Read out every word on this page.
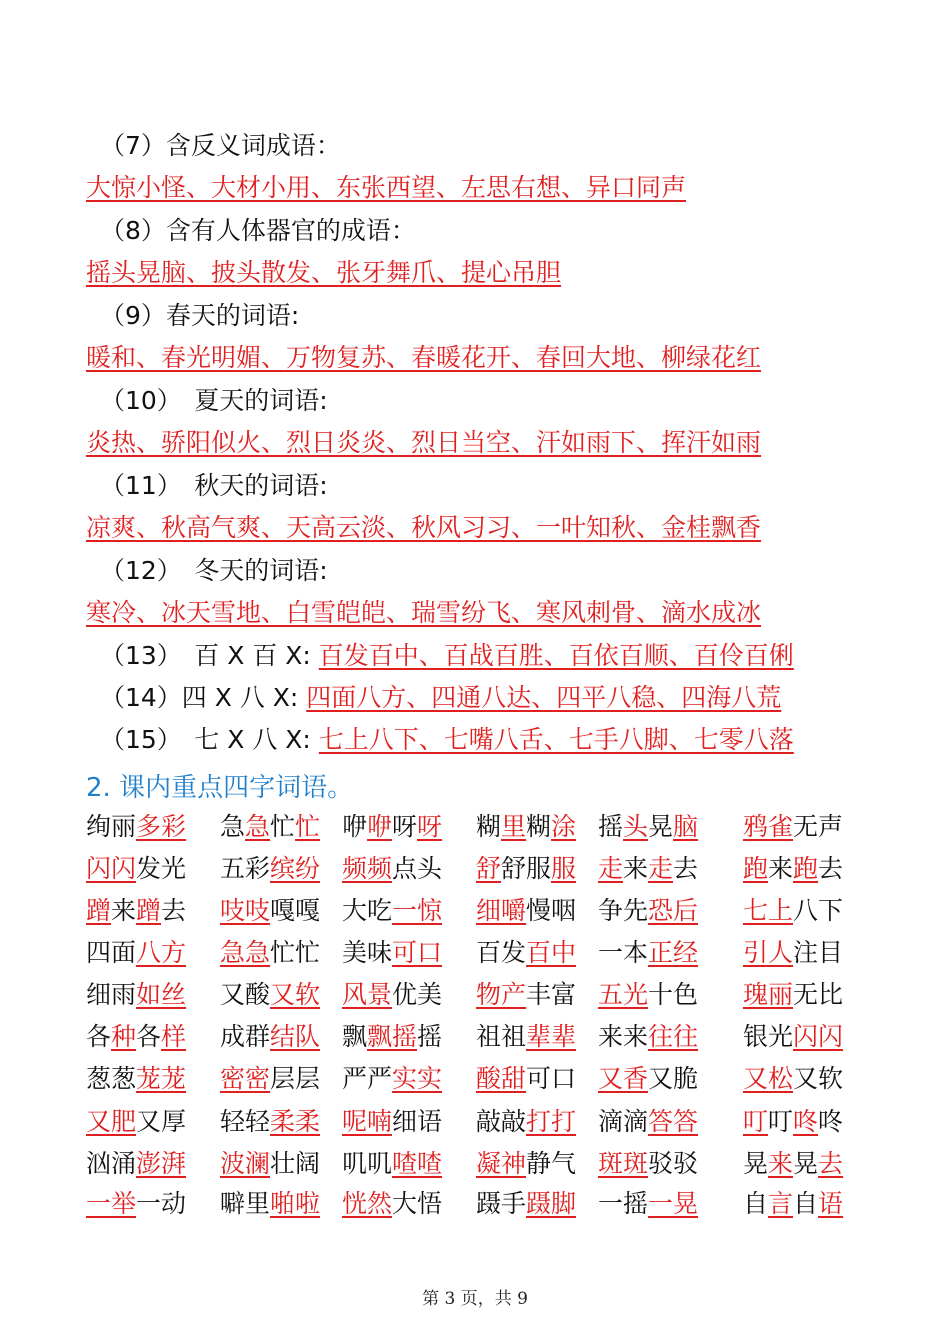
（7）含反义词成语：
大惊小怪、大材小用、东张西望、左思右想、异口同声
（8）含有人体器官的成语：
摇头晃脑、披头散发、张牙舞爪、提心吊胆
（9）春天的词语:
暖和、春光明媚、万物复苏、春暖花开、春回大地、柳绿花红
（10）　夏天的词语:
炎热、骄阳似火、烈日炎炎、烈日当空、汗如雨下、挥汗如雨
（11）　秋天的词语:
凉爽、秋高气爽、天高云淡、秋风习习、一叶知秋、金桂飘香
（12）　冬天的词语:
寒冷、冰天雪地、白雪皑皑、瑞雪纷飞、寒风刺骨、滴水成冰
（13）　百 X 百 X: 百发百中、百战百胜、百依百顺、百伶百俐
（14）四 X 八 X: 四面八方、四通八达、四平八稳、四海八荒
（15）　七 X 八 X: 七上八下、七嘴八舌、七手八脚、七零八落
2. 课内重点四字词语。
绚丽多彩 急急忙忙 咿咿呀呀 糊里糊涂 摇头晃脑 鸦雀无声
闪闪发光 五彩缤纷 频频点头 舒舒服服 走来走去 跑来跑去
蹭来蹭去 吱吱嘎嘎 大吃一惊 细嚼慢咽 争先恐后 七上八下
四面八方 急急忙忙 美味可口 百发百中 一本正经 引人注目
细雨如丝 又酸又软 风景优美 物产丰富 五光十色 瑰丽无比
各种各样 成群结队 飘飘摇摇 祖祖辈辈 来来往往 银光闪闪
葱葱茏茏 密密层层 严严实实 酸甜可口 又香又脆 又松又软
又肥又厚 轻轻柔柔 呢喃细语 敲敲打打 滴滴答答 叮叮咚咚
汹涌澎湃 波澜壮阔 叽叽喳喳 凝神静气 斑斑驳驳 晃来晃去
一举一动 噼里啪啦 恍然大悟 蹑手蹑脚 一摇一晃 自言自语
第 3 页，共 9
